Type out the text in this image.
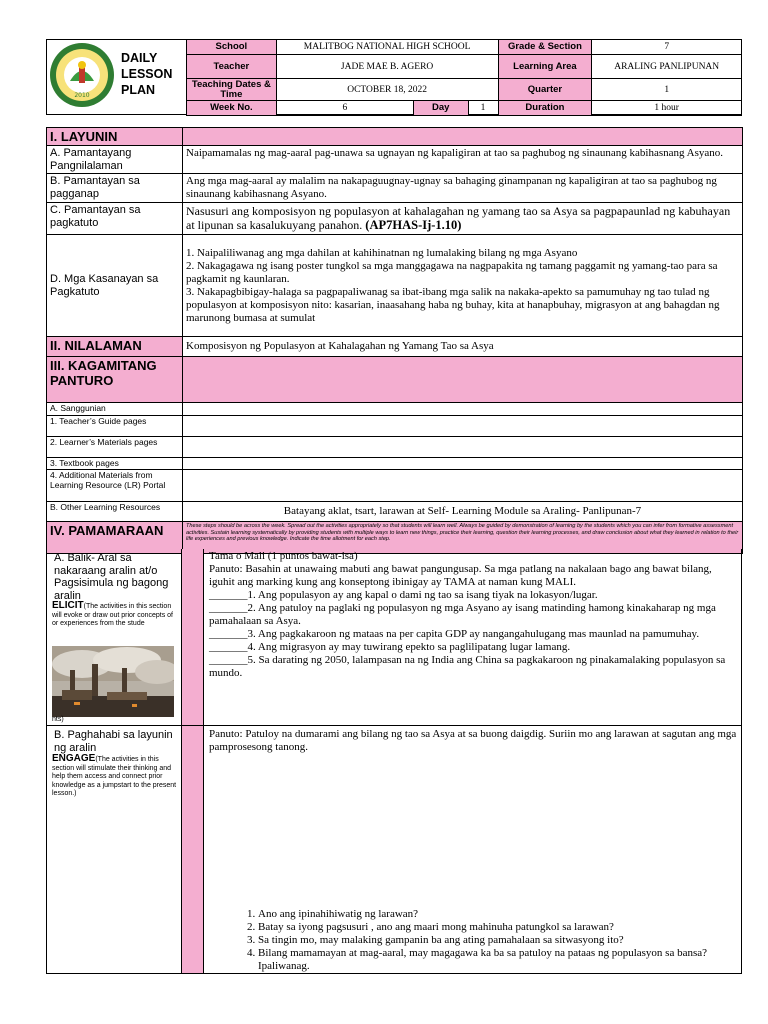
2010
DAILY
LESSON
PLAN
School	MALITBOG NATIONAL HIGH SCHOOL			Grade & Section	7
Teacher	JADE MAE B. AGERO			Learning Area	ARALING PANLIPUNAN
Teaching Dates & Time	OCTOBER 18, 2022			Quarter	1
Week No.	6	Day	1	Duration	1 hour
I. LAYUNIN	
A. Pamantayang Pangnilalaman	Naipamamalas ng mag-aaral pag-unawa sa ugnayan ng kapaligiran at tao sa paghubog ng sinaunang kabihasnang Asyano.
B. Pamantayan sa pagganap	Ang mga mag-aaral ay malalim na nakapaguugnay-ugnay sa bahaging ginampanan ng kapaligiran at tao sa paghubog ng sinaunang kabihasnang Asyano.
C. Pamantayan sa pagkatuto	Nasusuri ang komposisyon ng populasyon at kahalagahan ng yamang tao sa Asya sa pagpapaunlad ng kabuhayan at lipunan sa kasalukuyang panahon. (AP7HAS-Ij-1.10)
D. Mga Kasanayan sa Pagkatuto	1. Naipaliliwanag ang mga dahilan at kahihinatnan ng lumalaking bilang ng mga Asyano
2. Nakagagawa ng isang poster tungkol sa mga manggagawa na nagpapakita ng tamang paggamit ng yamang-tao para sa pagkamit ng kaunlaran.
3. Nakapagbibigay-halaga sa pagpapaliwanag sa ibat-ibang mga salik na nakaka-apekto sa pamumuhay ng tao tulad ng populasyon at komposisyon nito: kasarian, inaasahang haba ng buhay, kita at hanapbuhay, migrasyon at ang bahagdan ng marunong bumasa at sumulat

II. NILALAMAN	Komposisyon ng Populasyon at Kahalagahan ng Yamang Tao sa Asya
III. KAGAMITANG PANTURO	
A. Sanggunian	
1. Teacher’s Guide pages	
2. Learner’s Materials pages	
3. Textbook pages	
4. Additional Materials from Learning Resource (LR) Portal	
B. Other Learning Resources	Batayang aklat, tsart, larawan at Self- Learning Module sa Araling- Panlipunan-7
IV. PAMAMARAAN	These steps should be across the week. Spread out the activities appropriately so that students will learn well. Always be guided by demonstration of learning by the students which you can infer from formative assessment activities. Sustain learning systematically by providing students with multiple ways to learn new things, practice their learning, question their learning processes, and draw conclusion about what they learned in relation to their life experiences and previous knowledge. Indicate the time allotment for each step.
A. Balik- Aral sa nakaraang aralin at/o Pagsisimula ng bagong aralin
ELICIT(The activities in this section will evoke or draw out prior concepts of or experiences from the stude
nts)
Tama o Mali (1 puntos bawat-isa)
Panuto: Basahin at unawaing mabuti ang bawat pangungusap. Sa mga patlang na nakalaan bago ang bawat bilang, iguhit ang marking kung ang konseptong ibinigay ay TAMA at naman kung MALI.
_______1. Ang populasyon ay ang kapal o dami ng tao sa isang tiyak na lokasyon/lugar.
_______2. Ang patuloy na paglaki ng populasyon ng mga Asyano ay isang matinding hamong kinakaharap ng mga pamahalaan sa Asya.
_______3. Ang pagkakaroon ng mataas na per capita GDP ay nangangahulugang mas maunlad na pamumuhay.
_______4. Ang migrasyon ay may tuwirang epekto sa paglilipatang lugar lamang.
_______5. Sa darating ng 2050, lalampasan na ng India ang China sa pagkakaroon ng pinakamalaking populasyon sa mundo.
B. Paghahabi sa layunin ng aralin
ENGAGE(The activities in this section will stimulate their thinking and help them access and connect prior knowledge as a jumpstart to the present lesson.)
Panuto: Patuloy na dumarami ang bilang ng tao sa Asya at sa buong daigdig. Suriin mo ang larawan at sagutan ang mga pamprosesong tanong.
1. Ano ang ipinahihiwatig ng larawan?
2. Batay sa iyong pagsusuri , ano ang maari mong mahinuha patungkol sa larawan?
3. Sa tingin mo, may malaking gampanin ba ang ating pamahalaan sa sitwasyong ito?
4. Bilang mamamayan at mag-aaral, may magagawa ka ba sa patuloy na pataas ng populasyon sa bansa? Ipaliwanag.
